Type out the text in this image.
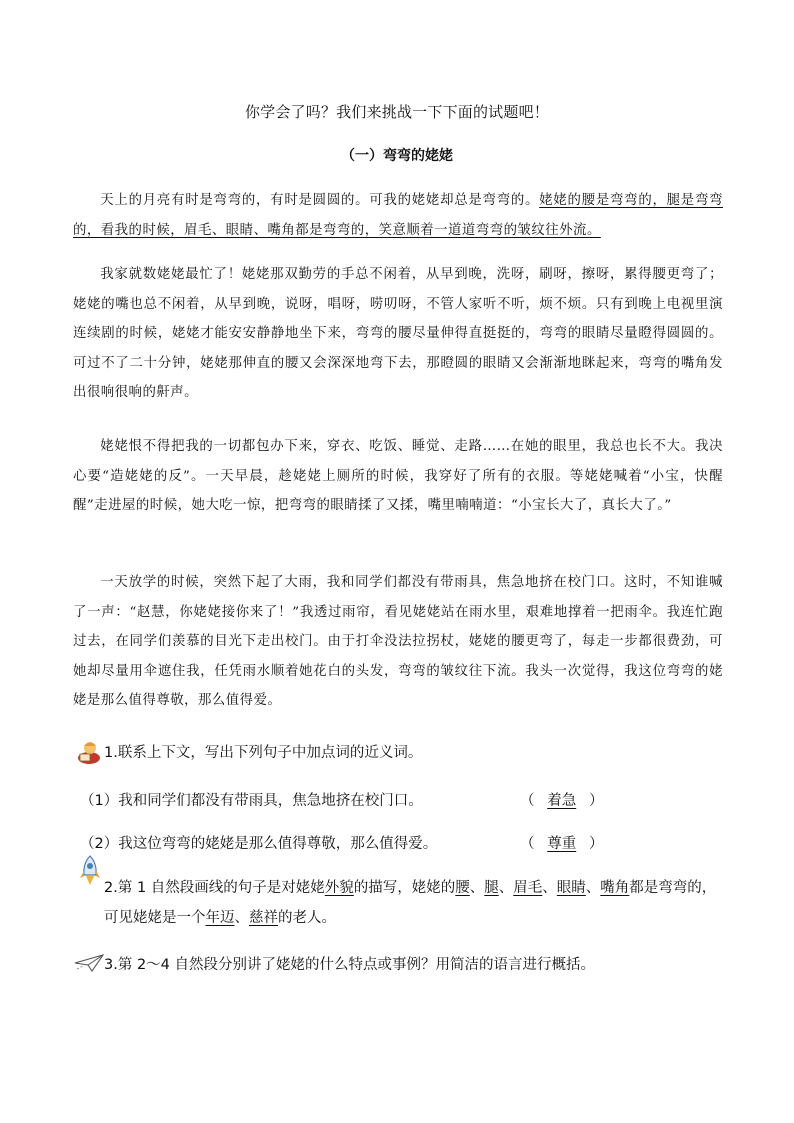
你学会了吗？我们来挑战一下下面的试题吧！
（一）弯弯的姥姥
天上的月亮有时是弯弯的，有时是圆圆的。可我的姥姥却总是弯弯的。姥姥的腰是弯弯的，腿是弯弯的，看我的时候，眉毛、眼睛、嘴角都是弯弯的，笑意顺着一道道弯弯的皱纹往外流。
我家就数姥姥最忙了！姥姥那双勤劳的手总不闲着，从早到晚，洗呀，刷呀，擦呀，累得腰更弯了；姥姥的嘴也总不闲着，从早到晚，说呀，唱呀，唠叨呀，不管人家听不听，烦不烦。只有到晚上电视里演连续剧的时候，姥姥才能安安静静地坐下来，弯弯的腰尽量伸得直挺挺的，弯弯的眼睛尽量瞪得圆圆的。可过不了二十分钟，姥姥那伸直的腰又会深深地弯下去，那瞪圆的眼睛又会渐渐地眯起来，弯弯的嘴角发出很响很响的鼾声。
姥姥恨不得把我的一切都包办下来，穿衣、吃饭、睡觉、走路……在她的眼里，我总也长不大。我决心要“造姥姥的反”。一天早晨，趁姥姥上厕所的时候，我穿好了所有的衣服。等姥姥喊着“小宝，快醒醒”走进屋的时候，她大吃一惊，把弯弯的眼睛揉了又揉，嘴里喃喃道：“小宝长大了，真长大了。”
一天放学的时候，突然下起了大雨，我和同学们都没有带雨具，焦急地挤在校门口。这时，不知谁喊了一声：“赵慧，你姥姥接你来了！”我透过雨帘，看见姥姥站在雨水里，艰难地撑着一把雨伞。我连忙跑过去，在同学们羡慕的目光下走出校门。由于打伞没法拉拐杖，姥姥的腰更弯了，每走一步都很费劲，可她却尽量用伞遮住我，任凭雨水顺着她花白的头发，弯弯的皱纹往下流。我头一次觉得，我这位弯弯的姥姥是那么值得尊敬，那么值得爱。
1.联系上下文，写出下列句子中加点词的近义词。
（1）我和同学们都没有带雨具，焦急地挤在校门口。	（ 着急 ）
（2）我这位弯弯的姥姥是那么值得尊敬，那么值得爱。	（ 尊重 ）
2.第 1 自然段画线的句子是对姥姥外貌的描写，姥姥的腰、腿、眉毛、眼睛、嘴角都是弯弯的，可见姥姥是一个年迈、慈祥的老人。
3.第 2～4 自然段分别讲了姥姥的什么特点或事例？用简洁的语言进行概括。
